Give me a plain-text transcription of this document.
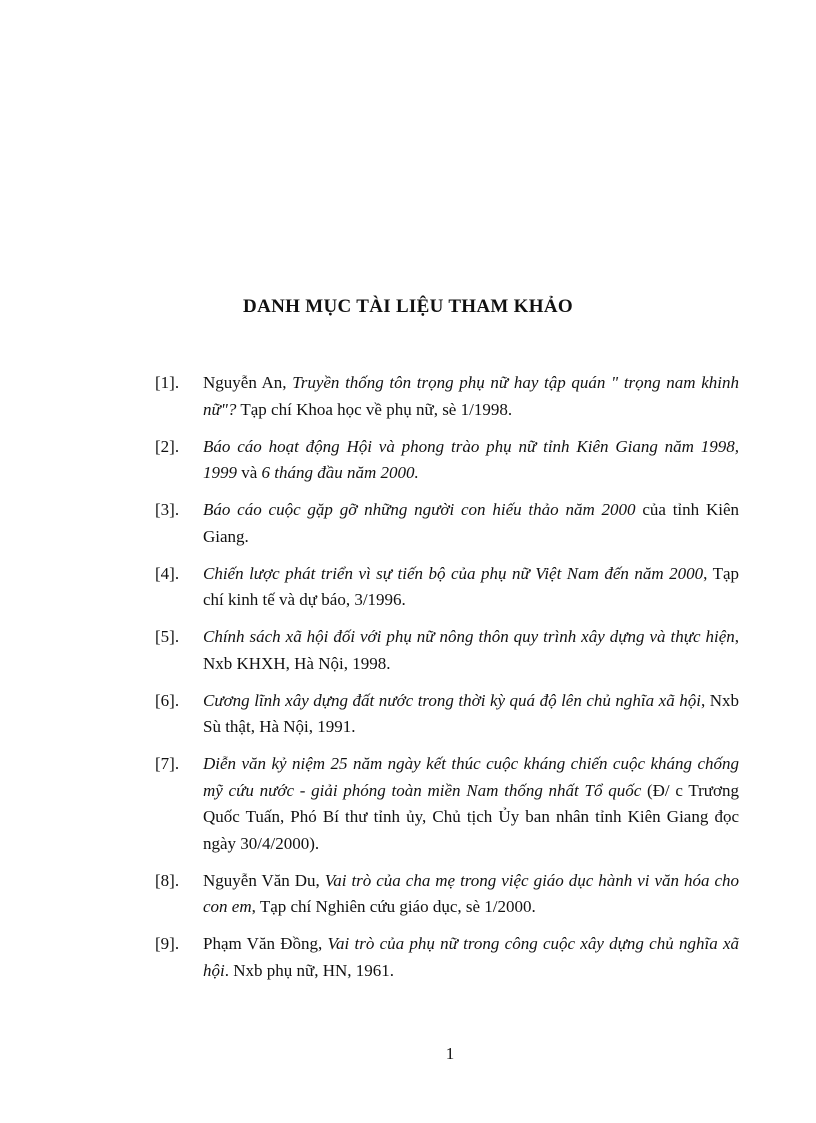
DANH MỤC TÀI LIỆU THAM KHẢO
[1].	Nguyễn An, Truyền thống tôn trọng phụ nữ hay tập quán " trọng nam khinh nữ"? Tạp chí Khoa học về phụ nữ, sè 1/1998.
[2].	Báo cáo hoạt động Hội và phong trào phụ nữ tỉnh Kiên Giang năm 1998, 1999 và 6 tháng đầu năm 2000.
[3].	Báo cáo cuộc gặp gỡ những người con hiếu thảo năm 2000 của tỉnh Kiên Giang.
[4].	Chiến lược phát triển vì sự tiến bộ của phụ nữ Việt Nam đến năm 2000, Tạp chí kinh tế và dự báo, 3/1996.
[5].	Chính sách xã hội đối với phụ nữ nông thôn quy trình xây dựng và thực hiện, Nxb KHXH, Hà Nội, 1998.
[6].	Cương lĩnh xây dựng đất nước trong thời kỳ quá độ lên chủ nghĩa xã hội, Nxb Sù thật, Hà Nội, 1991.
[7].	Diễn văn kỷ niệm 25 năm ngày kết thúc cuộc kháng chiến cuộc kháng chống mỹ cứu nước - giải phóng toàn miền Nam thống nhất Tổ quốc (Đ/ c Trương Quốc Tuấn, Phó Bí thư tỉnh ủy, Chủ tịch Ủy ban nhân tỉnh Kiên Giang đọc ngày 30/4/2000).
[8].	Nguyễn Văn Du, Vai trò của cha mẹ trong việc giáo dục hành vi văn hóa cho con em, Tạp chí Nghiên cứu giáo dục, sè 1/2000.
[9].	Phạm Văn Đồng, Vai trò của phụ nữ trong công cuộc xây dựng chủ nghĩa xã hội. Nxb phụ nữ, HN, 1961.
1
